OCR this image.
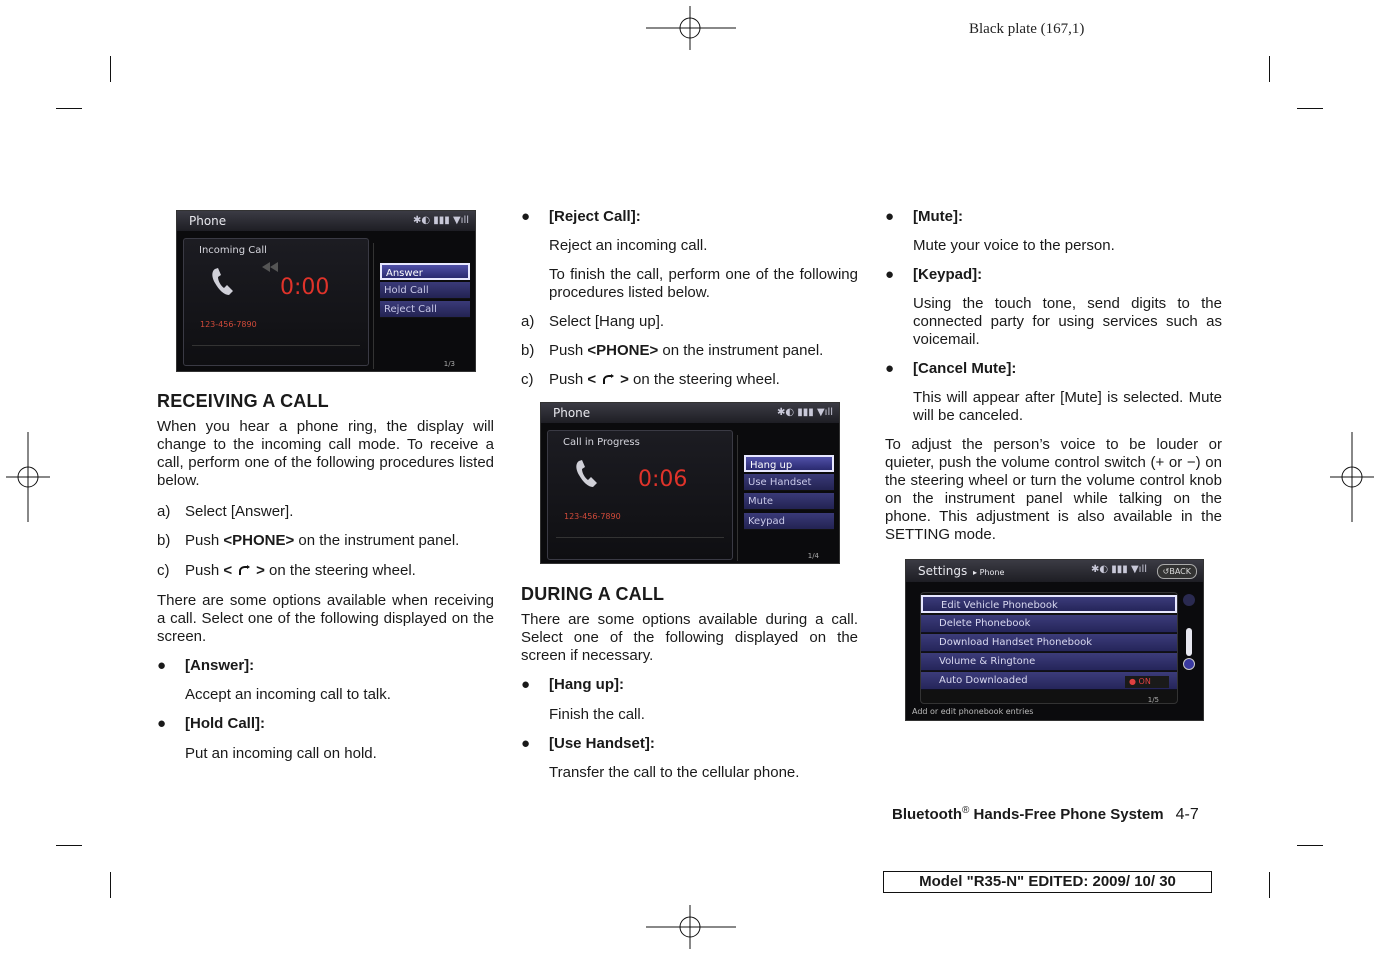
Black plate (167,1)
Phone	✱◐ ▮▮▮ ▼ıll
Incoming Call
0:00
123-456-7890
Answer
Hold Call
Reject Call
1/3
Phone	✱◐ ▮▮▮ ▼ıll
Call in Progress
0:06
123-456-7890
Hang up
Use Handset
Mute
Keypad
1/4
Settings ▸ Phone	✱◐ ▮▮▮ ▼ıll	↺BACK
Edit Vehicle Phonebook
Delete Phonebook
Download Handset Phonebook
Volume & Ringtone
Auto Downloaded	● ON
1/5
Add or edit phonebook entries
RECEIVING A CALL

When you hear a phone ring, the display will change to the incoming call mode. To receive a call, perform one of the following procedures listed below.

a) Select [Answer].
b) Push <PHONE> on the instrument panel.
c) Push < > on the steering wheel.

There are some options available when receiving a call. Select one of the following displayed on the screen.

● [Answer]:

Accept an incoming call to talk.

● [Hold Call]:

Put an incoming call on hold.

● [Reject Call]:

Reject an incoming call.

To finish the call, perform one of the following procedures listed below.

a) Select [Hang up].
b) Push <PHONE> on the instrument panel.
c) Push < > on the steering wheel.
DURING A CALL

There are some options available during a call. Select one of the following displayed on the screen if necessary.

● [Hang up]:

Finish the call.

● [Use Handset]:

Transfer the call to the cellular phone.

● [Mute]:

Mute your voice to the person.

● [Keypad]:

Using the touch tone, send digits to the connected party for using services such as voicemail.

● [Cancel Mute]:

This will appear after [Mute] is selected. Mute will be canceled.

To adjust the person’s voice to be louder or quieter, push the volume control switch (+ or −) on the steering wheel or turn the volume control knob on the instrument panel while talking on the phone. This adjustment is also available in the SETTING mode.

Bluetooth® Hands-Free Phone System 4-7
Model "R35-N" EDITED: 2009/ 10/ 30
